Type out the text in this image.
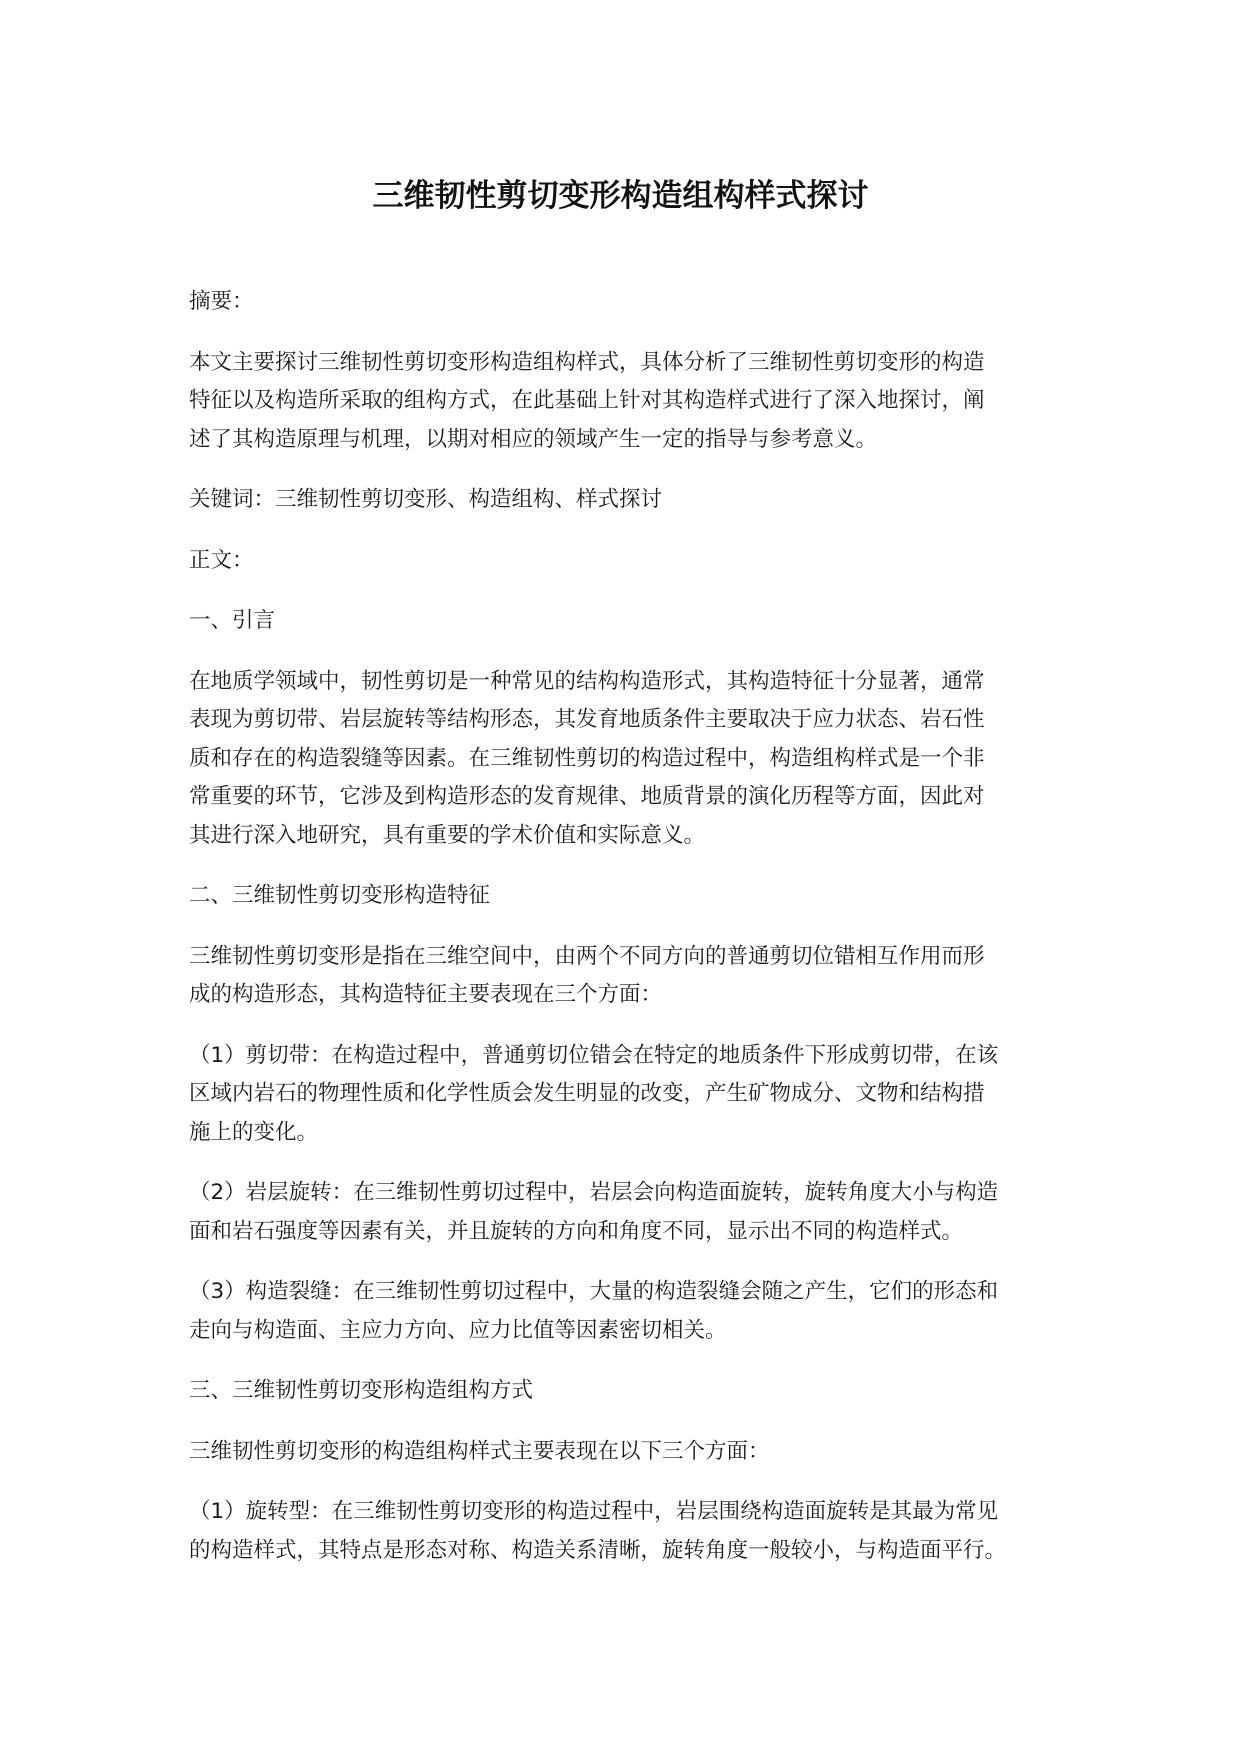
三维韧性剪切变形构造组构样式探讨
摘要：
本文主要探讨三维韧性剪切变形构造组构样式，具体分析了三维韧性剪切变形的构造
特征以及构造所采取的组构方式，在此基础上针对其构造样式进行了深入地探讨，阐
述了其构造原理与机理，以期对相应的领域产生一定的指导与参考意义。
关键词：三维韧性剪切变形、构造组构、样式探讨
正文：
一、引言
在地质学领域中，韧性剪切是一种常见的结构构造形式，其构造特征十分显著，通常
表现为剪切带、岩层旋转等结构形态，其发育地质条件主要取决于应力状态、岩石性
质和存在的构造裂缝等因素。在三维韧性剪切的构造过程中，构造组构样式是一个非
常重要的环节，它涉及到构造形态的发育规律、地质背景的演化历程等方面，因此对
其进行深入地研究，具有重要的学术价值和实际意义。
二、三维韧性剪切变形构造特征
三维韧性剪切变形是指在三维空间中，由两个不同方向的普通剪切位错相互作用而形
成的构造形态，其构造特征主要表现在三个方面：
（1）剪切带：在构造过程中，普通剪切位错会在特定的地质条件下形成剪切带，在该
区域内岩石的物理性质和化学性质会发生明显的改变，产生矿物成分、文物和结构措
施上的变化。
（2）岩层旋转：在三维韧性剪切过程中，岩层会向构造面旋转，旋转角度大小与构造
面和岩石强度等因素有关，并且旋转的方向和角度不同，显示出不同的构造样式。
（3）构造裂缝：在三维韧性剪切过程中，大量的构造裂缝会随之产生，它们的形态和
走向与构造面、主应力方向、应力比值等因素密切相关。
三、三维韧性剪切变形构造组构方式
三维韧性剪切变形的构造组构样式主要表现在以下三个方面：
（1）旋转型：在三维韧性剪切变形的构造过程中，岩层围绕构造面旋转是其最为常见
的构造样式，其特点是形态对称、构造关系清晰，旋转角度一般较小，与构造面平行。
